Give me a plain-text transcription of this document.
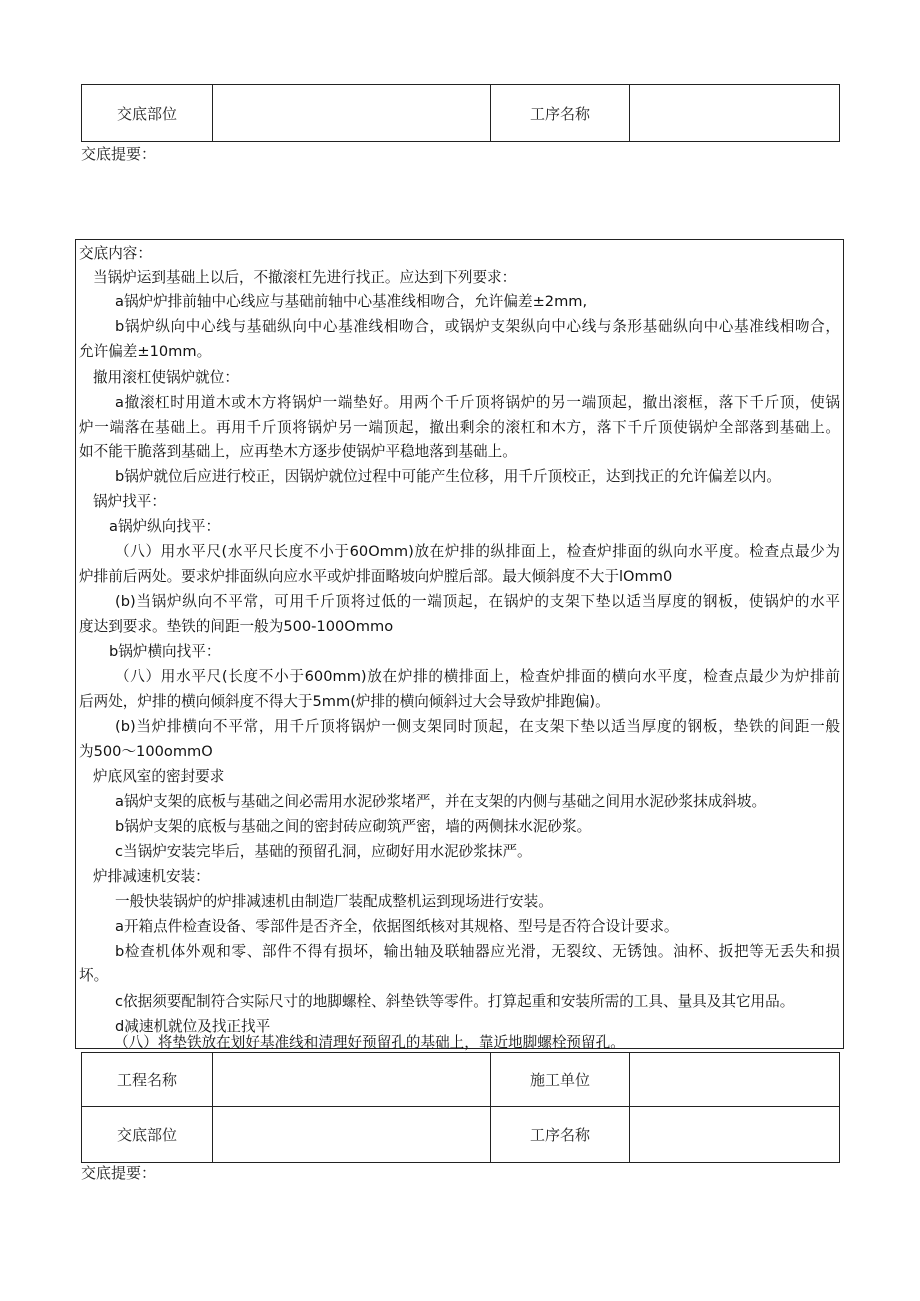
交底部位		工序名称	
交底提要：
交底内容：
当锅炉运到基础上以后，不撤滚杠先进行找正。应达到下列要求：
a锅炉炉排前轴中心线应与基础前轴中心基准线相吻合，允许偏差±2mm,
b锅炉纵向中心线与基础纵向中心基准线相吻合，或锅炉支架纵向中心线与条形基础纵向中心基准线相吻合，
允许偏差±10mm。
撤用滚杠使锅炉就位：
a撤滚杠时用道木或木方将锅炉一端垫好。用两个千斤顶将锅炉的另一端顶起，撤出滚框，落下千斤顶，使锅
炉一端落在基础上。再用千斤顶将锅炉另一端顶起，撤出剩余的滚杠和木方，落下千斤顶使锅炉全部落到基础上。
如不能干脆落到基础上，应再垫木方逐步使锅炉平稳地落到基础上。
b锅炉就位后应进行校正，因锅炉就位过程中可能产生位移，用千斤顶校正，达到找正的允许偏差以内。
锅炉找平：
a锅炉纵向找平：
（八）用水平尺(水平尺长度不小于60Omm)放在炉排的纵排面上，检查炉排面的纵向水平度。检查点最少为
炉排前后两处。要求炉排面纵向应水平或炉排面略坡向炉膛后部。最大倾斜度不大于lOmm0
(b)当锅炉纵向不平常，可用千斤顶将过低的一端顶起，在锅炉的支架下垫以适当厚度的钢板，使锅炉的水平
度达到要求。垫铁的间距一般为500-100Ommo
b锅炉横向找平：
（八）用水平尺(长度不小于600mm)放在炉排的横排面上，检查炉排面的横向水平度，检查点最少为炉排前
后两处，炉排的横向倾斜度不得大于5mm(炉排的横向倾斜过大会导致炉排跑偏)。
(b)当炉排横向不平常，用千斤顶将锅炉一侧支架同时顶起，在支架下垫以适当厚度的钢板，垫铁的间距一般
为500〜100ommO
炉底风室的密封要求
a锅炉支架的底板与基础之间必需用水泥砂浆堵严，并在支架的内侧与基础之间用水泥砂浆抹成斜坡。
b锅炉支架的底板与基础之间的密封砖应砌筑严密，墙的两侧抹水泥砂浆。
c当锅炉安装完毕后，基础的预留孔洞，应砌好用水泥砂浆抹严。
炉排减速机安装：
一般快装锅炉的炉排减速机由制造厂装配成整机运到现场进行安装。
a开箱点件检查设备、零部件是否齐全，依据图纸核对其规格、型号是否符合设计要求。
b检查机体外观和零、部件不得有损坏，输出轴及联轴器应光滑，无裂纹、无锈蚀。油杯、扳把等无丢失和损
坏。
c依据须要配制符合实际尺寸的地脚螺栓、斜垫铁等零件。打算起重和安装所需的工具、量具及其它用品。
d减速机就位及找正找平
（八）将垫铁放在划好基准线和清理好预留孔的基础上，靠近地脚螺栓预留孔。
工程名称		施工单位	
交底部位		工序名称	
交底提要：
